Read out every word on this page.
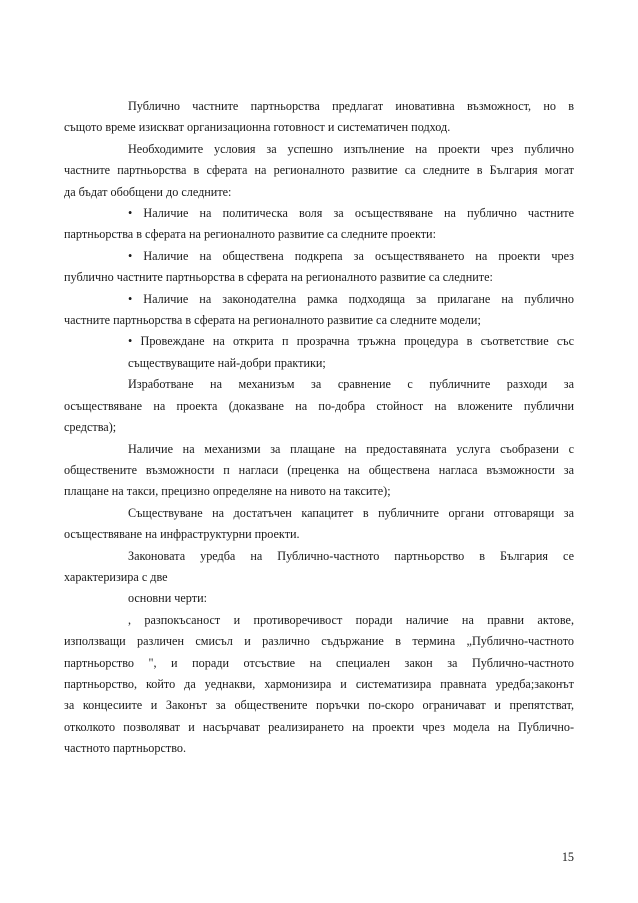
Публично частните партньорства предлагат иновативна възможност, но в
същото време изискват организационна готовност и систематичен подход.
Необходимите условия за успешно изпълнение на проекти чрез публично
частните партньорства в сферата на регионалното развитие са следните в България могат
да бъдат обобщени до следните:
• Наличие на политическа воля за осъществяване на публично частните
партньорства в сферата на регионалното развитие са следните проекти:
• Наличие на обществена подкрепа за осъществяването на проекти чрез
публично частните партньорства в сферата на регионалното развитие са следните:
• Наличие на законодателна рамка подходяща за прилагане на публично
частните партньорства в сферата на регионалното развитие са следните модели;
• Провеждане на открита п прозрачна тръжна процедура в съответствие със
съществуващите най-добри практики;
Изработване на механизъм за сравнение с публичните разходи за
осъществяване на проекта (доказване на по-добра стойност на вложените публични
средства);
Наличие на механизми за плащане на предоставяната услуга съобразени с
обществените възможности п нагласи (преценка на обществена нагласа възможности за
плащане на такси, прецизно определяне на нивото на таксите);
Съществуване на достатъчен капацитет в публичните органи отговарящи за
осъществяване на инфраструктурни проекти.
Законовата уредба на Публично-частното партньорство в България се
характеризира с две
основни черти:
, разпокъсаност и противоречивост поради наличие на правни актове,
използващи различен смисъл и различно съдържание в термина „Публично-частното
партньорство ", и поради отсъствие на специален закон за Публично-частното
партньорство, който да уеднакви, хармонизира и систематизира правната уредба;законът
за концесиите и Законът за обществените поръчки по-скоро ограничават и препятстват,
отколкото позволяват и насърчават реализирането на проекти чрез модела на Публично-
частното партньорство.
15
